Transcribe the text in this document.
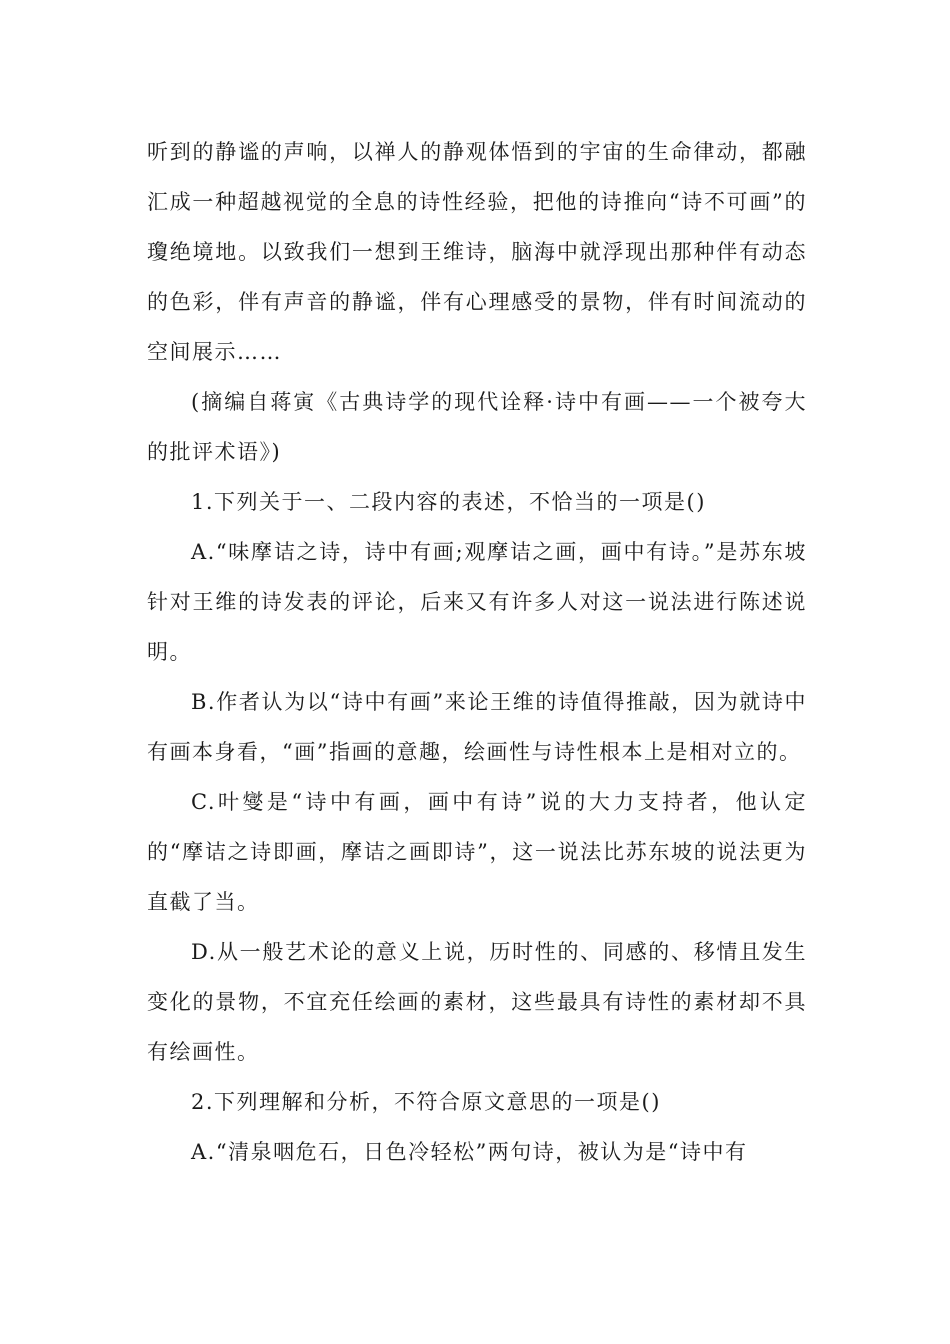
听到的静谧的声响，以禅人的静观体悟到的宇宙的生命律动，都融汇成一种超越视觉的全息的诗性经验，把他的诗推向“诗不可画”的瓊绝境地。以致我们一想到王维诗，脑海中就浮现出那种伴有动态的色彩，伴有声音的静谧，伴有心理感受的景物，伴有时间流动的空间展示……

(摘编自蒋寅《古典诗学的现代诠释·诗中有画——一个被夸大的批评术语》)

1.下列关于一、二段内容的表述，不恰当的一项是()

A.“味摩诘之诗，诗中有画;观摩诘之画，画中有诗。”是苏东坡针对王维的诗发表的评论，后来又有许多人对这一说法进行陈述说明。

B.作者认为以“诗中有画”来论王维的诗值得推敲，因为就诗中有画本身看，“画”指画的意趣，绘画性与诗性根本上是相对立的。

C.叶燮是“诗中有画，画中有诗”说的大力支持者，他认定的“摩诘之诗即画，摩诘之画即诗”，这一说法比苏东坡的说法更为直截了当。

D.从一般艺术论的意义上说，历时性的、同感的、移情且发生变化的景物，不宜充任绘画的素材，这些最具有诗性的素材却不具有绘画性。

2.下列理解和分析，不符合原文意思的一项是()

A.“清泉咽危石，日色冷轻松”两句诗，被认为是“诗中有
